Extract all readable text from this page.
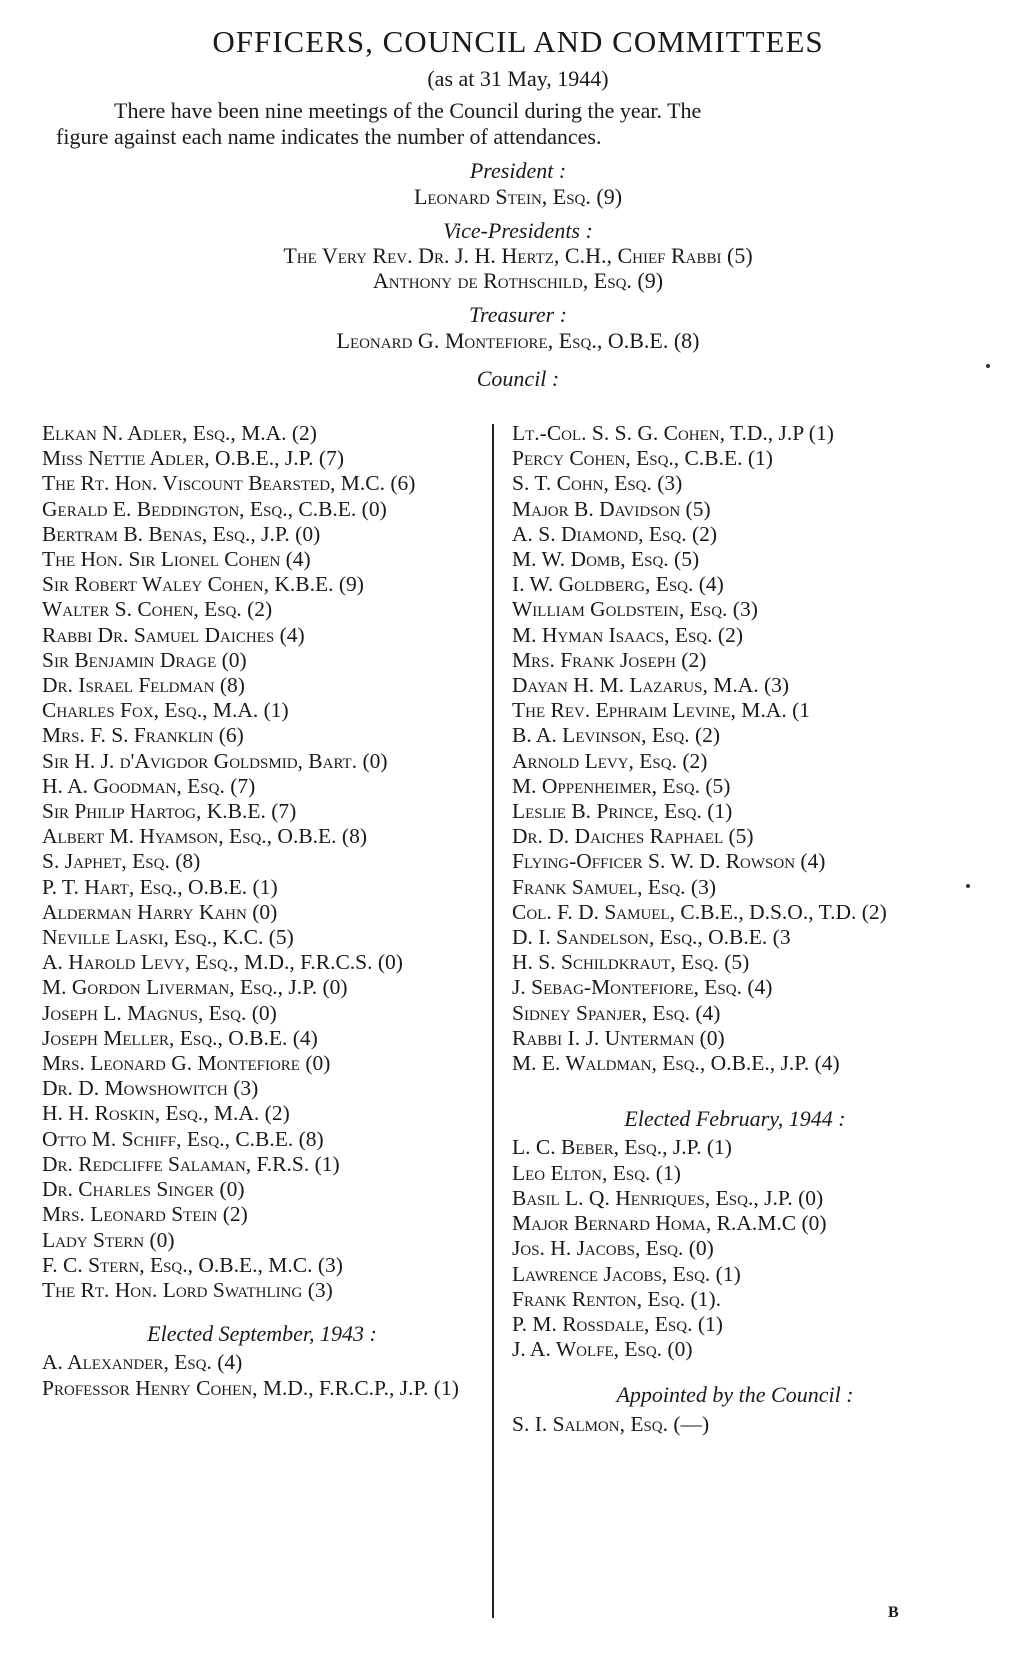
OFFICERS, COUNCIL AND COMMITTEES
(as at 31 May, 1944)
There have been nine meetings of the Council during the year. The
figure against each name indicates the number of attendances.
President :
Leonard Stein, Esq. (9)
Vice-Presidents :
The Very Rev. Dr. J. H. Hertz, C.H., Chief Rabbi (5)
Anthony de Rothschild, Esq. (9)
Treasurer :
Leonard G. Montefiore, Esq., O.B.E. (8)
Council :

Elkan N. Adler, Esq., M.A. (2)

Miss Nettie Adler, O.B.E., J.P. (7)

The Rt. Hon. Viscount Bearsted, M.C. (6)

Gerald E. Beddington, Esq., C.B.E. (0)

Bertram B. Benas, Esq., J.P. (0)

The Hon. Sir Lionel Cohen (4)

Sir Robert Waley Cohen, K.B.E. (9)

Walter S. Cohen, Esq. (2)

Rabbi Dr. Samuel Daiches (4)

Sir Benjamin Drage (0)

Dr. Israel Feldman (8)

Charles Fox, Esq., M.A. (1)

Mrs. F. S. Franklin (6)

Sir H. J. d'Avigdor Goldsmid, Bart. (0)

H. A. Goodman, Esq. (7)

Sir Philip Hartog, K.B.E. (7)

Albert M. Hyamson, Esq., O.B.E. (8)

S. Japhet, Esq. (8)

P. T. Hart, Esq., O.B.E. (1)

Alderman Harry Kahn (0)

Neville Laski, Esq., K.C. (5)

A. Harold Levy, Esq., M.D., F.R.C.S. (0)

M. Gordon Liverman, Esq., J.P. (0)

Joseph L. Magnus, Esq. (0)

Joseph Meller, Esq., O.B.E. (4)

Mrs. Leonard G. Montefiore (0)

Dr. D. Mowshowitch (3)

H. H. Roskin, Esq., M.A. (2)

Otto M. Schiff, Esq., C.B.E. (8)

Dr. Redcliffe Salaman, F.R.S. (1)

Dr. Charles Singer (0)

Mrs. Leonard Stein (2)

Lady Stern (0)

F. C. Stern, Esq., O.B.E., M.C. (3)

The Rt. Hon. Lord Swathling (3)

Elected September, 1943 :

A. Alexander, Esq. (4)

Professor Henry Cohen, M.D., F.R.C.P., J.P. (1)

Lt.-Col. S. S. G. Cohen, T.D., J.P (1)

Percy Cohen, Esq., C.B.E. (1)

S. T. Cohn, Esq. (3)

Major B. Davidson (5)

A. S. Diamond, Esq. (2)

M. W. Domb, Esq. (5)

I. W. Goldberg, Esq. (4)

William Goldstein, Esq. (3)

M. Hyman Isaacs, Esq. (2)

Mrs. Frank Joseph (2)

Dayan H. M. Lazarus, M.A. (3)

The Rev. Ephraim Levine, M.A. (1

B. A. Levinson, Esq. (2)

Arnold Levy, Esq. (2)

M. Oppenheimer, Esq. (5)

Leslie B. Prince, Esq. (1)

Dr. D. Daiches Raphael (5)

Flying-Officer S. W. D. Rowson (4)

Frank Samuel, Esq. (3)

Col. F. D. Samuel, C.B.E., D.S.O., T.D. (2)

D. I. Sandelson, Esq., O.B.E. (3

H. S. Schildkraut, Esq. (5)

J. Sebag-Montefiore, Esq. (4)

Sidney Spanjer, Esq. (4)

Rabbi I. J. Unterman (0)

M. E. Waldman, Esq., O.B.E., J.P. (4)

Elected February, 1944 :

L. C. Beber, Esq., J.P. (1)

Leo Elton, Esq. (1)

Basil L. Q. Henriques, Esq., J.P. (0)

Major Bernard Homa, R.A.M.C (0)

Jos. H. Jacobs, Esq. (0)

Lawrence Jacobs, Esq. (1)

Frank Renton, Esq. (1).

P. M. Rossdale, Esq. (1)

J. A. Wolfe, Esq. (0)

Appointed by the Council :

S. I. Salmon, Esq. (—)

B
